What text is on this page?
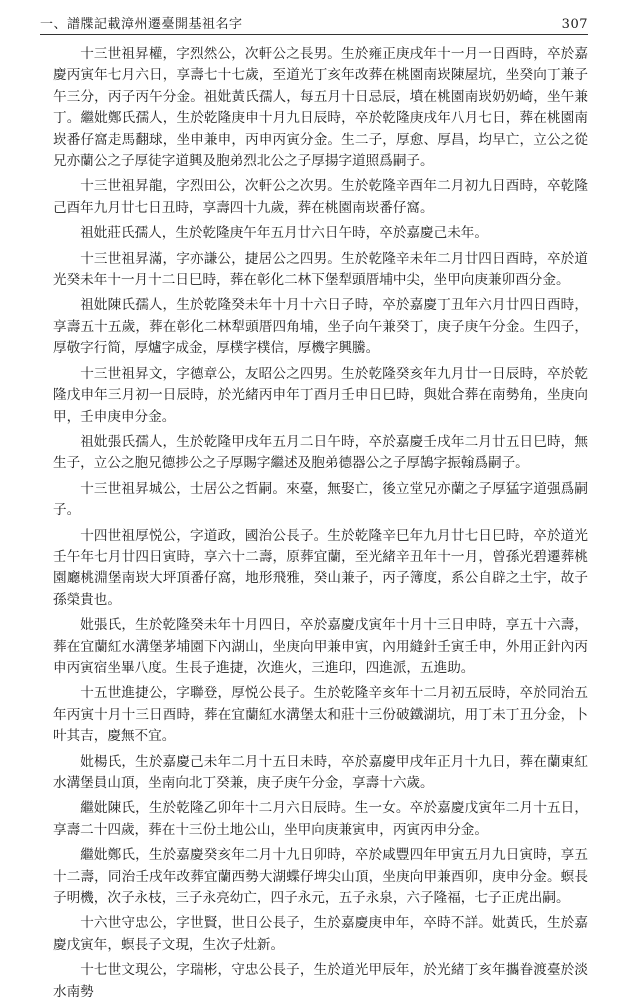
一、譜牒記載漳州遷臺開基祖名字	307

十三世祖昇權，字烈然公，次軒公之長男。生於雍正庚戌年十一月一日酉時，卒於嘉慶丙寅年七月六日，享壽七十七歲，至道光丁亥年改葬在桃園南崁陳屋坑，坐癸向丁兼子午三分，丙子丙午分金。祖妣黃氏孺人，每五月十日忌辰，墳在桃園南崁奶奶崎，坐午兼丁。繼妣鄭氏孺人，生於乾隆庚申十月九日辰時，卒於乾隆庚戌年八月七日，葬在桃園南崁番仔窩走馬翻球，坐申兼申，丙申丙寅分金。生二子，厚愈、厚昌，均早亡，立公之從兄亦蘭公之子厚徒字道興及胞弟烈北公之子厚揚字道照爲嗣子。

十三世祖昇龍，字烈田公，次軒公之次男。生於乾隆辛酉年二月初九日酉時，卒乾隆己酉年九月廿七日丑時，享壽四十九歲，葬在桃園南崁番仔窩。

祖妣莊氏孺人，生於乾隆庚午年五月廿六日午時，卒於嘉慶己未年。

十三世祖昇滿，字亦謙公，捷居公之四男。生於乾隆辛未年二月廿四日酉時，卒於道光癸未年十一月十二日巳時，葬在彰化二林下堡犁頭厝埔中尖，坐甲向庚兼卯酉分金。

祖妣陳氏孺人，生於乾隆癸未年十月十六日子時，卒於嘉慶丁丑年六月廿四日酉時，享壽五十五歲，葬在彰化二林犁頭厝四角埔，坐子向午兼癸丁，庚子庚午分金。生四子，厚敬字行简，厚爐字成金，厚樸字樸信，厚機字興騰。

十三世祖昇文，字德章公，友昭公之四男。生於乾隆癸亥年九月廿一日辰時，卒於乾隆戊申年三月初一日辰時，於光緒丙申年丁酉月壬申日巳時，與妣合葬在南勢角，坐庚向甲，壬申庚申分金。

祖妣張氏孺人，生於乾隆甲戌年五月二日午時，卒於嘉慶壬戌年二月廿五日巳時，無生子，立公之胞兄德捗公之子厚賜字繼述及胞弟德器公之子厚鵠字振翰爲嗣子。

十三世祖昇城公，士居公之哲嗣。來臺，無娶亡，後立堂兄亦蘭之子厚猛字道强爲嗣子。

十四世祖厚悦公，字道政，國治公長子。生於乾隆辛巳年九月廿七日巳時，卒於道光壬午年七月廿四日寅時，享六十二壽，原葬宜蘭，至光緒辛丑年十一月，曾孫光碧遷葬桃園廳桃淵堡南崁大坪頂番仔窩，地形飛雅，癸山兼子，丙子簿度，系公自辟之土宇，故子孫榮貴也。

妣張氏，生於乾隆癸未年十月四日，卒於嘉慶戊寅年十月十三日申時，享五十六壽，葬在宜蘭紅水溝堡茅埔園下內湖山，坐庚向甲兼申寅，內用縫針壬寅壬申，外用正針內丙申丙寅宿坐畢八度。生長子進捷，次進火，三進印，四進派，五進助。

十五世進捷公，字聯登，厚悦公長子。生於乾隆辛亥年十二月初五辰時，卒於同治五年丙寅十月十三日酉時，葬在宜蘭紅水溝堡太和莊十三份破鐵湖坑，用丁未丁丑分金，卜叶其吉，慶無不宜。

妣楊氏，生於嘉慶己未年二月十五日未時，卒於嘉慶甲戌年正月十九日，葬在蘭東紅水溝堡員山頂，坐南向北丁癸兼，庚子庚午分金，享壽十六歲。

繼妣陳氏，生於乾隆乙卯年十二月六日辰時。生一女。卒於嘉慶戊寅年二月十五日，享壽二十四歲，葬在十三份土地公山，坐甲向庚兼寅申，丙寅丙申分金。

繼妣鄭氏，生於嘉慶癸亥年二月十九日卯時，卒於咸豐四年甲寅五月九日寅時，享五十二壽，同治壬戌年改葬宜蘭西勢大湖蝶仔埤尖山頂，坐庚向甲兼酉卯，庚申分金。螟長子明機，次子永枝，三子永亮幼亡，四子永元，五子永泉，六子隆福，七子正虎出嗣。

十六世守忠公，字世賢，世日公長子，生於嘉慶庚申年，卒時不詳。妣黃氏，生於嘉慶戊寅年，螟長子文現，生次子灶新。

十七世文現公，字瑞彬，守忠公長子，生於道光甲辰年，於光緒丁亥年攜眷渡臺於淡水南勢
